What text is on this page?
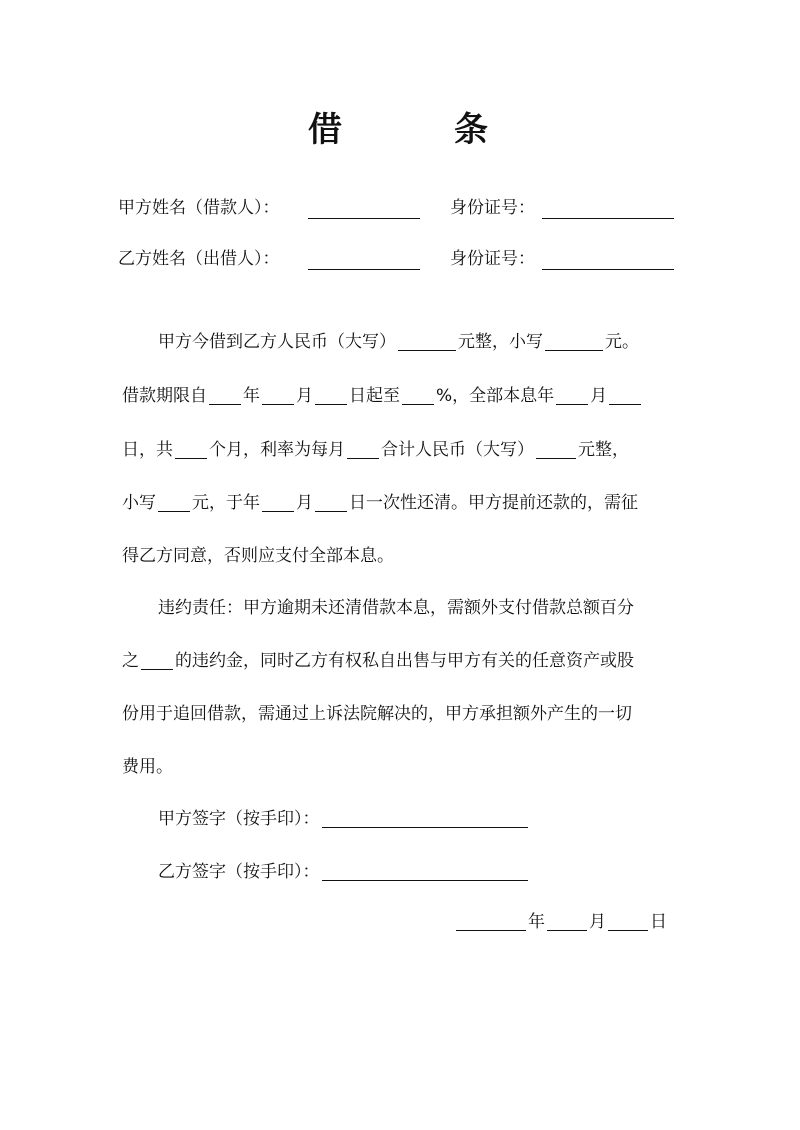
借	条
甲方姓名（借款人）：	身份证号：
乙方姓名（出借人）：	身份证号：
甲方今借到乙方人民币（大写）	元整，小写	元。
借款期限自 年 月 日起至 %，全部本息年 月
日，共 个月，利率为每月 合计人民币（大写）	元整，
小写 元，于年 月 日一次性还清。甲方提前还款的，需征
得乙方同意，否则应支付全部本息。
违约责任：甲方逾期未还清借款本息，需额外支付借款总额百分
之 的违约金，同时乙方有权私自出售与甲方有关的任意资产或股
份用于追回借款，需通过上诉法院解决的，甲方承担额外产生的一切
费用。
甲方签字（按手印）：
乙方签字（按手印）：
年	月	日
